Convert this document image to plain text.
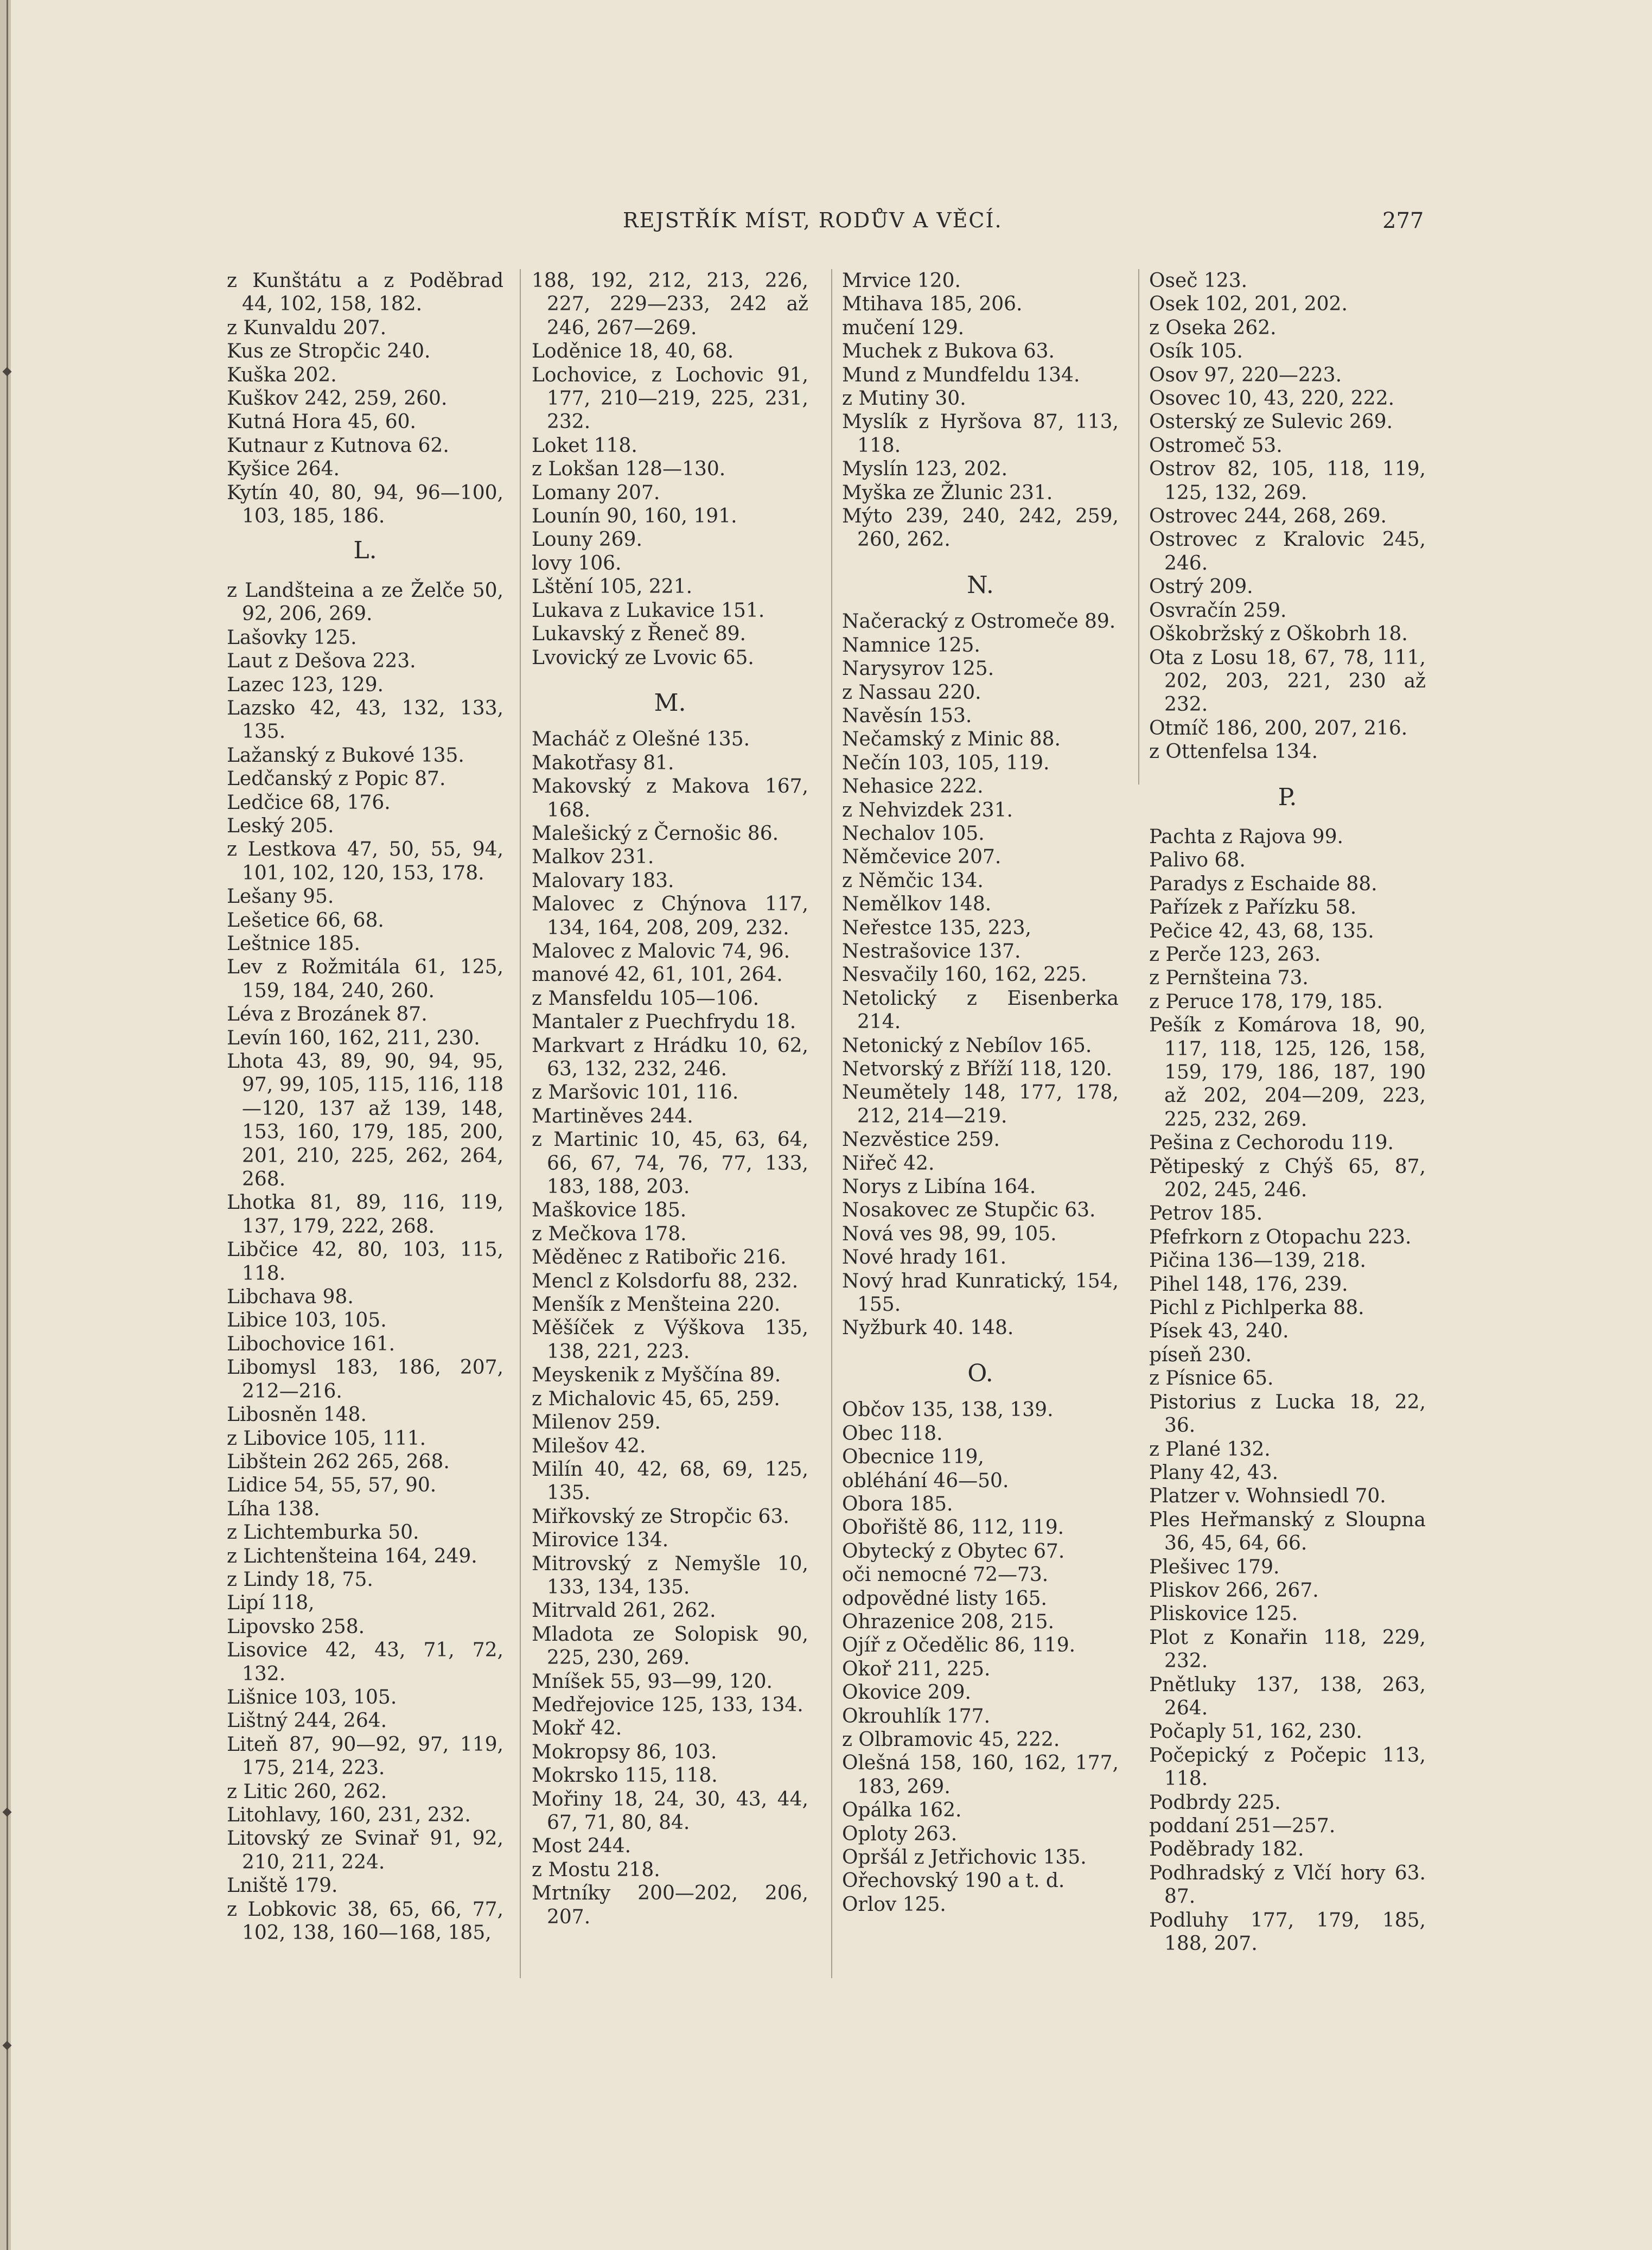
REJSTŘÍK MÍST, RODŮV A VĚCÍ.	277
z Kunštátu a z Poděbrad 44, 102, 158, 182.
z Kunvaldu 207.
Kus ze Stropčic 240.
Kuška 202.
Kuškov 242, 259, 260.
Kutná Hora 45, 60.
Kutnaur z Kutnova 62.
Kyšice 264.
Kytín 40, 80, 94, 96—100, 103, 185, 186.
L.
z Landšteina a ze Želče 50, 92, 206, 269.
Lašovky 125.
Laut z Dešova 223.
Lazec 123, 129.
Lazsko 42, 43, 132, 133, 135.
Lažanský z Bukové 135.
Ledčanský z Popic 87.
Ledčice 68, 176.
Leský 205.
z Lestkova 47, 50, 55, 94, 101, 102, 120, 153, 178.
Lešany 95.
Lešetice 66, 68.
Leštnice 185.
Lev z Rožmitála 61, 125, 159, 184, 240, 260.
Léva z Brozánek 87.
Levín 160, 162, 211, 230.
Lhota 43, 89, 90, 94, 95, 97, 99, 105, 115, 116, 118—120, 137 až 139, 148, 153, 160, 179, 185, 200, 201, 210, 225, 262, 264, 268.
Lhotka 81, 89, 116, 119, 137, 179, 222, 268.
Libčice 42, 80, 103, 115, 118.
Libchava 98.
Libice 103, 105.
Libochovice 161.
Libomysl 183, 186, 207, 212—216.
Libosněn 148.
z Libovice 105, 111.
Libštein 262 265, 268.
Lidice 54, 55, 57, 90.
Líha 138.
z Lichtemburka 50.
z Lichtenšteina 164, 249.
z Lindy 18, 75.
Lipí 118,
Lipovsko 258.
Lisovice 42, 43, 71, 72, 132.
Lišnice 103, 105.
Lištný 244, 264.
Liteň 87, 90—92, 97, 119, 175, 214, 223.
z Litic 260, 262.
Litohlavy, 160, 231, 232.
Litovský ze Svinař 91, 92, 210, 211, 224.
Lniště 179.
z Lobkovic 38, 65, 66, 77, 102, 138, 160—168, 185,
188, 192, 212, 213, 226, 227, 229—233, 242 až 246, 267—269.
Loděnice 18, 40, 68.
Lochovice, z Lochovic 91, 177, 210—219, 225, 231, 232.
Loket 118.
z Lokšan 128—130.
Lomany 207.
Lounín 90, 160, 191.
Louny 269.
lovy 106.
Lštění 105, 221.
Lukava z Lukavice 151.
Lukavský z Řeneč 89.
Lvovický ze Lvovic 65.
M.
Macháč z Olešné 135.
Makotřasy 81.
Makovský z Makova 167, 168.
Malešický z Černošic 86.
Malkov 231.
Malovary 183.
Malovec z Chýnova 117, 134, 164, 208, 209, 232.
Malovec z Malovic 74, 96.
manové 42, 61, 101, 264.
z Mansfeldu 105—106.
Mantaler z Puechfrydu 18.
Markvart z Hrádku 10, 62, 63, 132, 232, 246.
z Maršovic 101, 116.
Martiněves 244.
z Martinic 10, 45, 63, 64, 66, 67, 74, 76, 77, 133, 183, 188, 203.
Maškovice 185.
z Mečkova 178.
Měděnec z Ratibořic 216.
Mencl z Kolsdorfu 88, 232.
Menšík z Menšteina 220.
Měšíček z Výškova 135, 138, 221, 223.
Meyskenik z Myščína 89.
z Michalovic 45, 65, 259.
Milenov 259.
Milešov 42.
Milín 40, 42, 68, 69, 125, 135.
Miřkovský ze Stropčic 63.
Mirovice 134.
Mitrovský z Nemyšle 10, 133, 134, 135.
Mitrvald 261, 262.
Mladota ze Solopisk 90, 225, 230, 269.
Mníšek 55, 93—99, 120.
Medřejovice 125, 133, 134.
Mokř 42.
Mokropsy 86, 103.
Mokrsko 115, 118.
Mořiny 18, 24, 30, 43, 44, 67, 71, 80, 84.
Most 244.
z Mostu 218.
Mrtníky 200—202, 206, 207.
Mrvice 120.
Mtihava 185, 206.
mučení 129.
Muchek z Bukova 63.
Mund z Mundfeldu 134.
z Mutiny 30.
Myslík z Hyršova 87, 113, 118.
Myslín 123, 202.
Myška ze Žlunic 231.
Mýto 239, 240, 242, 259, 260, 262.
N.
Načeracký z Ostromeče 89.
Namnice 125.
Narysyrov 125.
z Nassau 220.
Navěsín 153.
Nečamský z Minic 88.
Nečín 103, 105, 119.
Nehasice 222.
z Nehvizdek 231.
Nechalov 105.
Němčevice 207.
z Němčic 134.
Nemělkov 148.
Neřestce 135, 223,
Nestrašovice 137.
Nesvačily 160, 162, 225.
Netolický z Eisenberka 214.
Netonický z Nebílov 165.
Netvorský z Bříží 118, 120.
Neumětely 148, 177, 178, 212, 214—219.
Nezvěstice 259.
Niřeč 42.
Norys z Libína 164.
Nosakovec ze Stupčic 63.
Nová ves 98, 99, 105.
Nové hrady 161.
Nový hrad Kunratický, 154, 155.
Nyžburk 40. 148.
O.
Občov 135, 138, 139.
Obec 118.
Obecnice 119,
obléhání 46—50.
Obora 185.
Obořiště 86, 112, 119.
Obytecký z Obytec 67.
oči nemocné 72—73.
odpovědné listy 165.
Ohrazenice 208, 215.
Ojíř z Očedělic 86, 119.
Okoř 211, 225.
Okovice 209.
Okrouhlík 177.
z Olbramovic 45, 222.
Olešná 158, 160, 162, 177, 183, 269.
Opálka 162.
Oploty 263.
Opršál z Jetřichovic 135.
Ořechovský 190 a t. d.
Orlov 125.
Oseč 123.
Osek 102, 201, 202.
z Oseka 262.
Osík 105.
Osov 97, 220—223.
Osovec 10, 43, 220, 222.
Osterský ze Sulevic 269.
Ostromeč 53.
Ostrov 82, 105, 118, 119, 125, 132, 269.
Ostrovec 244, 268, 269.
Ostrovec z Kralovic 245, 246.
Ostrý 209.
Osvračín 259.
Oškobržský z Oškobrh 18.
Ota z Losu 18, 67, 78, 111, 202, 203, 221, 230 až 232.
Otmíč 186, 200, 207, 216.
z Ottenfelsa 134.
P.
Pachta z Rajova 99.
Palivo 68.
Paradys z Eschaide 88.
Pařízek z Pařízku 58.
Pečice 42, 43, 68, 135.
z Perče 123, 263.
z Pernšteina 73.
z Peruce 178, 179, 185.
Pešík z Komárova 18, 90, 117, 118, 125, 126, 158, 159, 179, 186, 187, 190 až 202, 204—209, 223, 225, 232, 269.
Pešina z Cechorodu 119.
Pětipeský z Chýš 65, 87, 202, 245, 246.
Petrov 185.
Pfefrkorn z Otopachu 223.
Pičina 136—139, 218.
Pihel 148, 176, 239.
Pichl z Pichlperka 88.
Písek 43, 240.
píseň 230.
z Písnice 65.
Pistorius z Lucka 18, 22, 36.
z Plané 132.
Plany 42, 43.
Platzer v. Wohnsiedl 70.
Ples Heřmanský z Sloupna 36, 45, 64, 66.
Plešivec 179.
Pliskov 266, 267.
Pliskovice 125.
Plot z Konařin 118, 229, 232.
Pnětluky 137, 138, 263, 264.
Počaply 51, 162, 230.
Počepický z Počepic 113, 118.
Podbrdy 225.
poddaní 251—257.
Poděbrady 182.
Podhradský z Vlčí hory 63. 87.
Podluhy 177, 179, 185, 188, 207.
